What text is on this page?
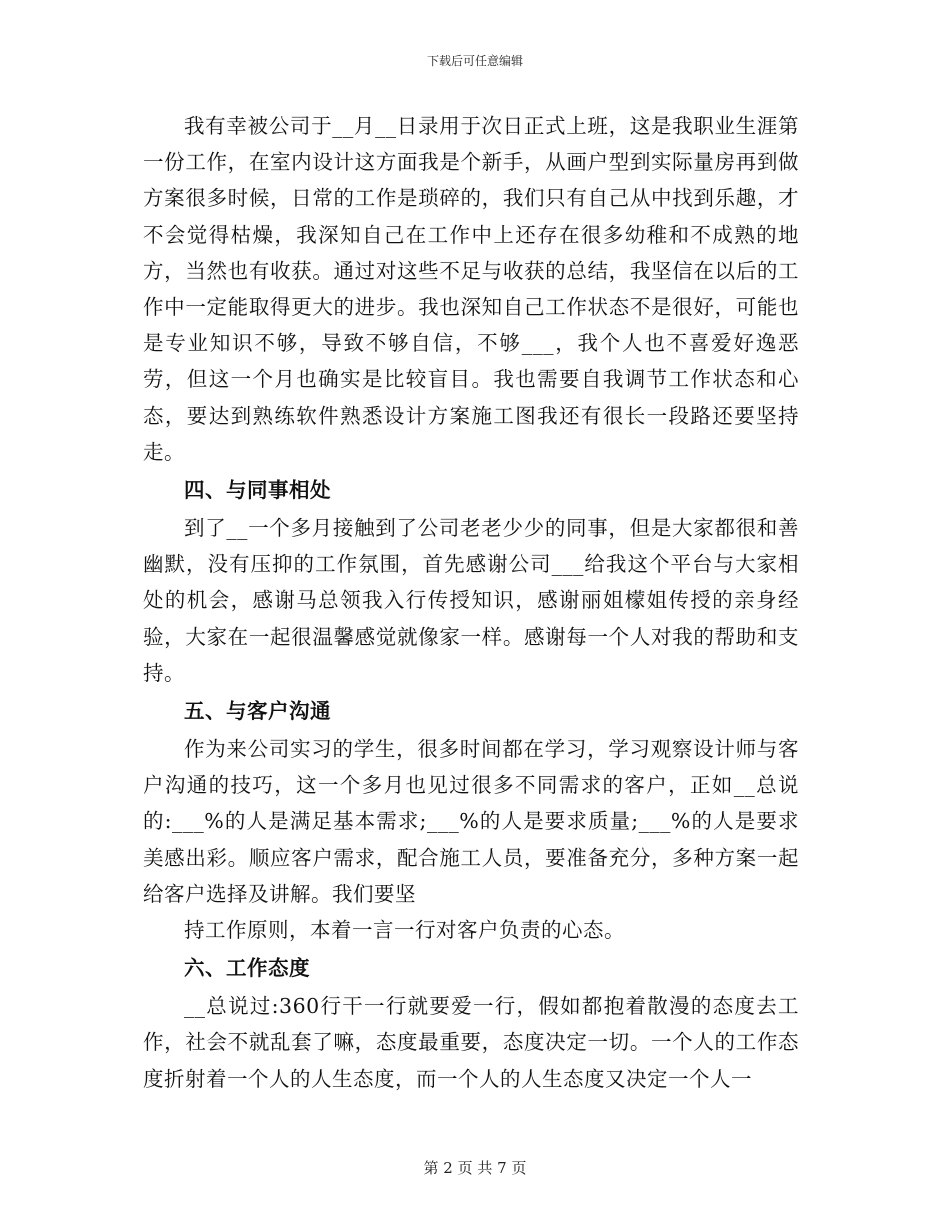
下载后可任意编辑

我有幸被公司于__月__日录用于次日正式上班，这是我职业生涯第一份工作，在室内设计这方面我是个新手，从画户型到实际量房再到做方案很多时候，日常的工作是琐碎的，我们只有自己从中找到乐趣，才不会觉得枯燥，我深知自己在工作中上还存在很多幼稚和不成熟的地方，当然也有收获。通过对这些不足与收获的总结，我坚信在以后的工作中一定能取得更大的进步。我也深知自己工作状态不是很好，可能也是专业知识不够，导致不够自信，不够___，我个人也不喜爱好逸恶劳，但这一个月也确实是比较盲目。我也需要自我调节工作状态和心态，要达到熟练软件熟悉设计方案施工图我还有很长一段路还要坚持走。

四、与同事相处

到了__一个多月接触到了公司老老少少的同事，但是大家都很和善幽默，没有压抑的工作氛围，首先感谢公司___给我这个平台与大家相处的机会，感谢马总领我入行传授知识，感谢丽姐檬姐传授的亲身经验，大家在一起很温馨感觉就像家一样。感谢每一个人对我的帮助和支持。

五、与客户沟通

作为来公司实习的学生，很多时间都在学习，学习观察设计师与客户沟通的技巧，这一个多月也见过很多不同需求的客户，正如__总说的:___%的人是满足基本需求;___%的人是要求质量;___%的人是要求美感出彩。顺应客户需求，配合施工人员，要准备充分，多种方案一起给客户选择及讲解。我们要坚

持工作原则，本着一言一行对客户负责的心态。

六、工作态度

__总说过:360行干一行就要爱一行，假如都抱着散漫的态度去工作，社会不就乱套了嘛，态度最重要，态度决定一切。一个人的工作态度折射着一个人的人生态度，而一个人的人生态度又决定一个人一

第 2 页 共 7 页
